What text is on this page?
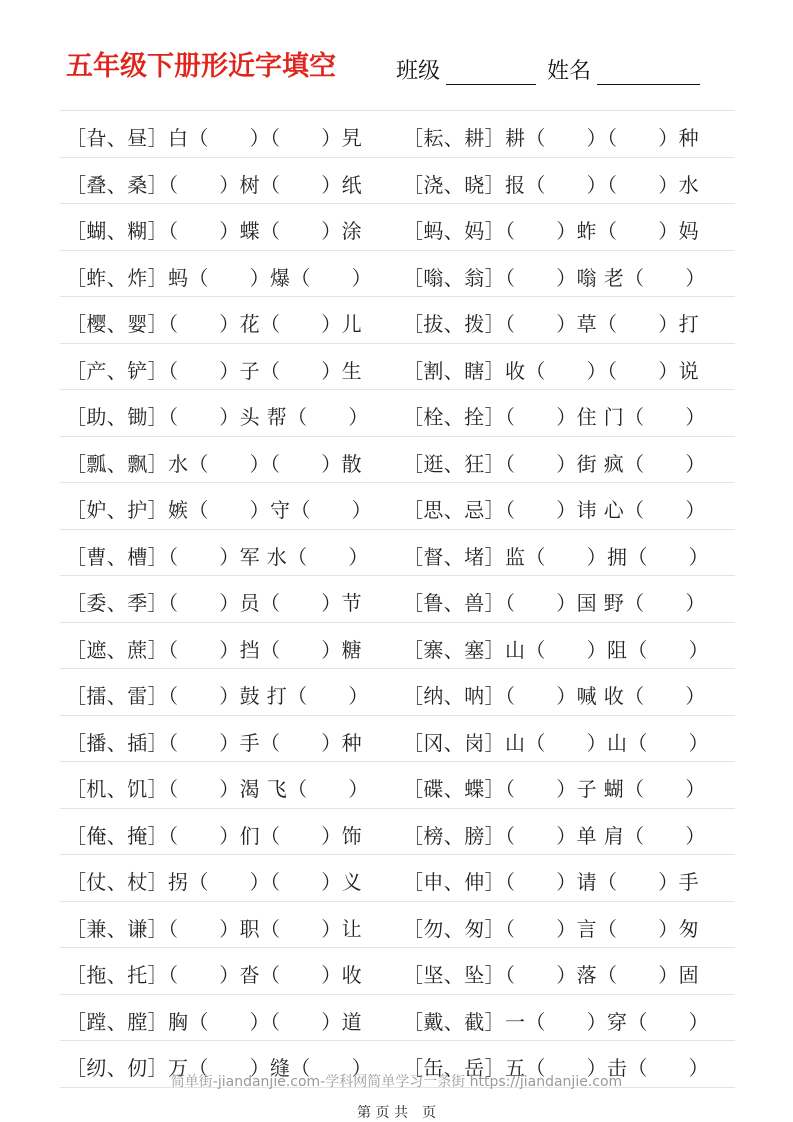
五年级下册形近字填空	班级	姓名
［旮、昼］白（　　）（　　）旯 ［耘、耕］耕（　　）（　　）种
［叠、桑］（　　）树（　　）纸 ［浇、晓］报（　　）（　　）水
［蝴、糊］（　　）蝶（　　）涂 ［蚂、妈］（　　）蚱（　　）妈
［蚱、炸］蚂（　　）爆（　　） ［嗡、翁］（　　）嗡 老（　　）
［樱、婴］（　　）花（　　）儿 ［拔、拨］（　　）草（　　）打
［产、铲］（　　）子（　　）生 ［割、瞎］收（　　）（　　）说
［助、锄］（　　）头 帮（　　） ［栓、拴］（　　）住 门（　　）
［瓢、飘］水（　　）（　　）散 ［逛、狂］（　　）街 疯（　　）
［妒、护］嫉（　　）守（　　） ［思、忌］（　　）讳 心（　　）
［曹、槽］（　　）军 水（　　） ［督、堵］监（　　）拥（　　）
［委、季］（　　）员（　　）节 ［鲁、兽］（　　）国 野（　　）
［遮、蔗］（　　）挡（　　）糖 ［寨、塞］山（　　）阻（　　）
［擂、雷］（　　）鼓 打（　　） ［纳、呐］（　　）喊 收（　　）
［播、插］（　　）手（　　）种 ［冈、岗］山（　　）山（　　）
［机、饥］（　　）渴 飞（　　） ［碟、蝶］（　　）子 蝴（　　）
［俺、掩］（　　）们（　　）饰 ［榜、膀］（　　）单 肩（　　）
［仗、杖］拐（　　）（　　）义 ［申、伸］（　　）请（　　）手
［兼、谦］（　　）职（　　）让 ［勿、匆］（　　）言（　　）匆
［拖、托］（　　）沓（　　）收 ［坚、坠］（　　）落（　　）固
［蹚、膛］胸（　　）（　　）道 ［戴、截］一（　　）穿（　　）
［纫、仞］万（　　）缝（　　） ［缶、岳］五（　　）击（　　）
简单街-jiandanjie.com-学科网简单学习一条街 https://jiandanjie.com
第 页 共　页
